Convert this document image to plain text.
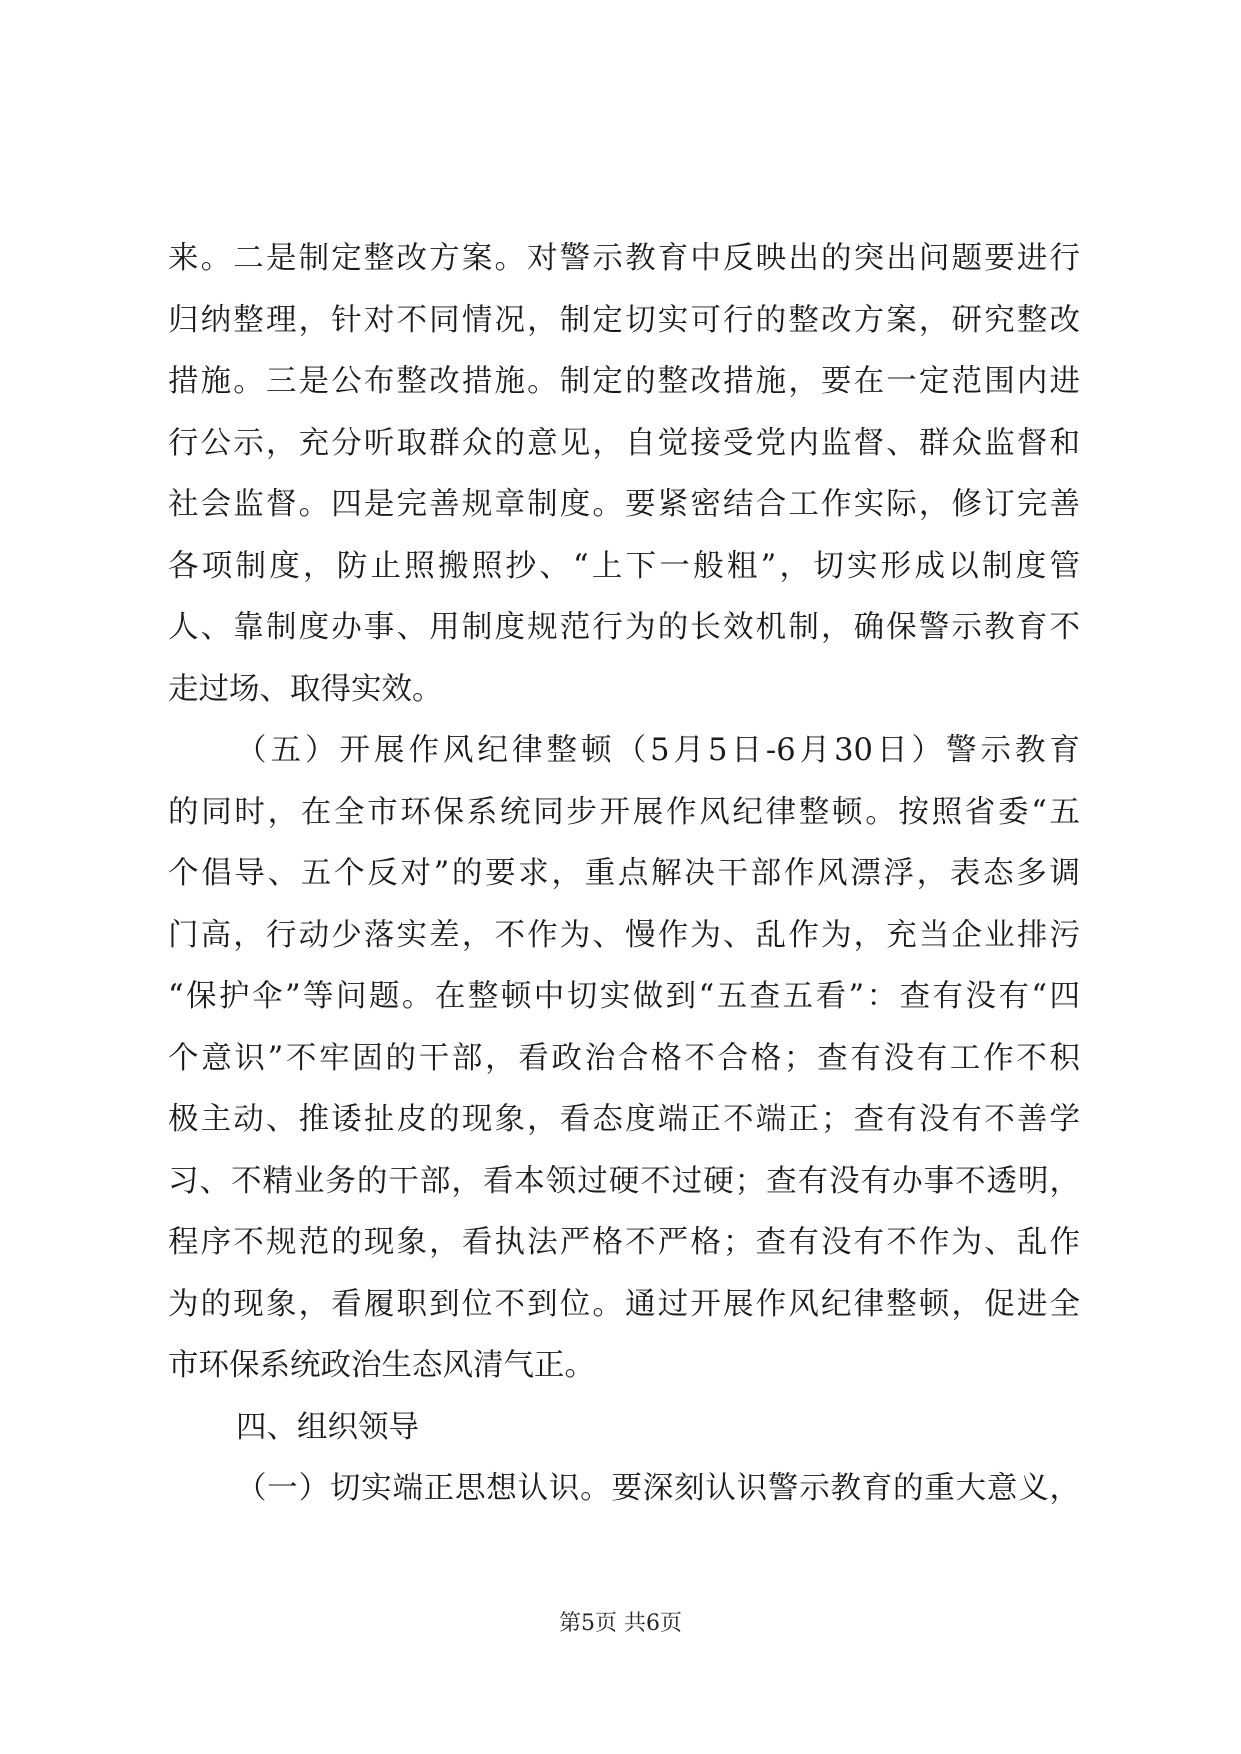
来。二是制定整改方案。对警示教育中反映出的突出问题要进行
归纳整理，针对不同情况，制定切实可行的整改方案，研究整改
措施。三是公布整改措施。制定的整改措施，要在一定范围内进
行公示，充分听取群众的意见，自觉接受党内监督、群众监督和
社会监督。四是完善规章制度。要紧密结合工作实际，修订完善
各项制度，防止照搬照抄、“上下一般粗”，切实形成以制度管
人、靠制度办事、用制度规范行为的长效机制，确保警示教育不
走过场、取得实效。
（五）开展作风纪律整顿（5月5日-6月30日）警示教育
的同时，在全市环保系统同步开展作风纪律整顿。按照省委“五
个倡导、五个反对”的要求，重点解决干部作风漂浮，表态多调
门高，行动少落实差，不作为、慢作为、乱作为，充当企业排污
“保护伞”等问题。在整顿中切实做到“五查五看”：查有没有“四
个意识”不牢固的干部，看政治合格不合格；查有没有工作不积
极主动、推诿扯皮的现象，看态度端正不端正；查有没有不善学
习、不精业务的干部，看本领过硬不过硬；查有没有办事不透明，
程序不规范的现象，看执法严格不严格；查有没有不作为、乱作
为的现象，看履职到位不到位。通过开展作风纪律整顿，促进全
市环保系统政治生态风清气正。
四、组织领导
（一）切实端正思想认识。要深刻认识警示教育的重大意义，
第5页 共6页
